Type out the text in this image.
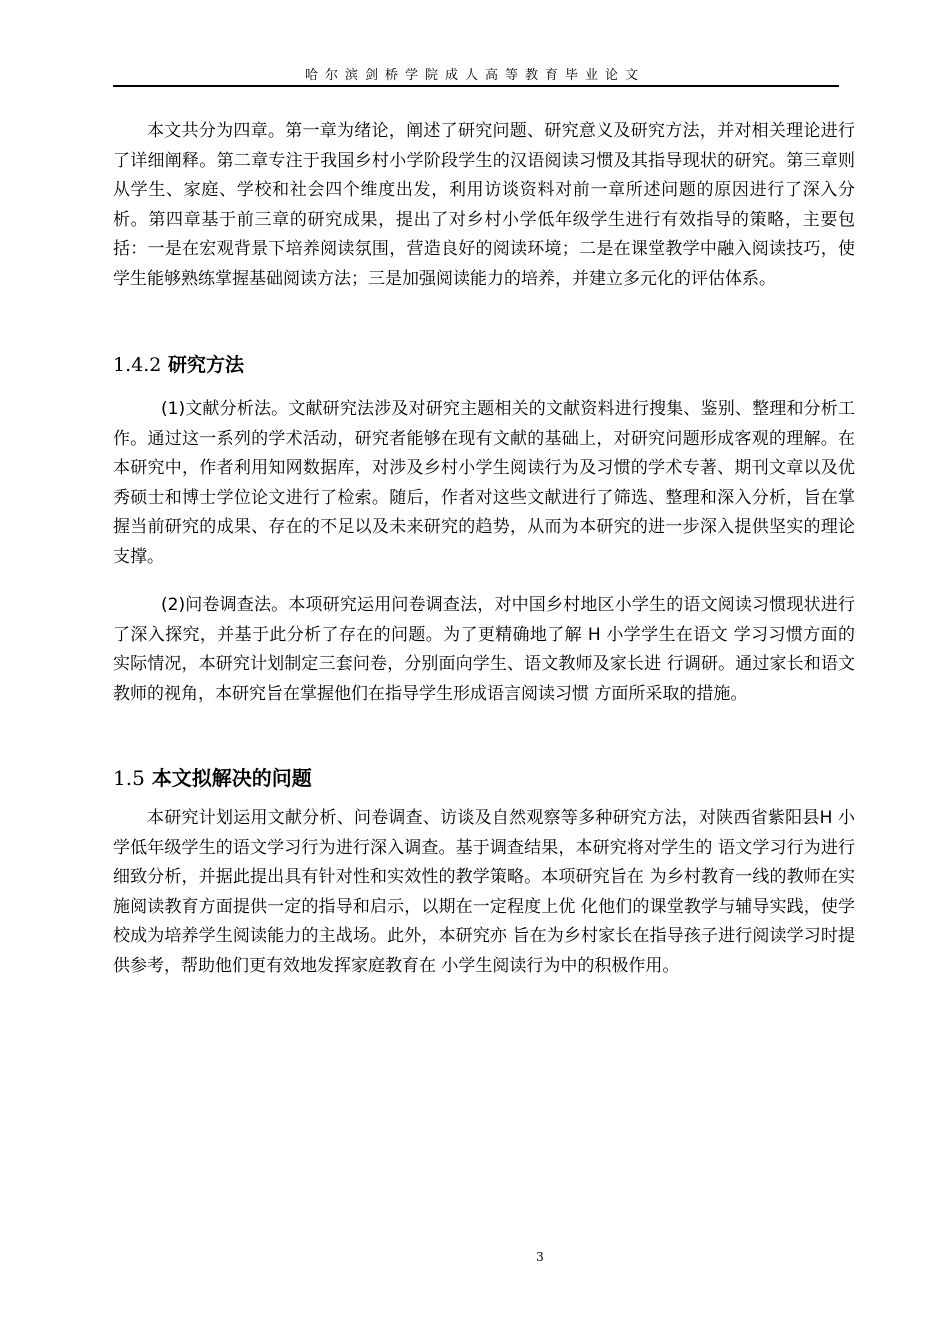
哈尔滨剑桥学院成人高等教育毕业论文

本文共分为四章。第一章为绪论，阐述了研究问题、研究意义及研究方法，并对相关理论进行了详细阐释。第二章专注于我国乡村小学阶段学生的汉语阅读习惯及其指导现状的研究。第三章则从学生、家庭、学校和社会四个维度出发，利用访谈资料对前一章所述问题的原因进行了深入分析。第四章基于前三章的研究成果，提出了对乡村小学低年级学生进行有效指导的策略，主要包括：一是在宏观背景下培养阅读氛围，营造良好的阅读环境；二是在课堂教学中融入阅读技巧，使学生能够熟练掌握基础阅读方法；三是加强阅读能力的培养，并建立多元化的评估体系。

1.4.2 研究方法

(1)文献分析法。文献研究法涉及对研究主题相关的文献资料进行搜集、鉴别、整理和分析工作。通过这一系列的学术活动，研究者能够在现有文献的基础上，对研究问题形成客观的理解。在本研究中，作者利用知网数据库，对涉及乡村小学生阅读行为及习惯的学术专著、期刊文章以及优秀硕士和博士学位论文进行了检索。随后，作者对这些文献进行了筛选、整理和深入分析，旨在掌握当前研究的成果、存在的不足以及未来研究的趋势，从而为本研究的进一步深入提供坚实的理论支撑。

(2)问卷调查法。本项研究运用问卷调查法，对中国乡村地区小学生的语文阅读习惯现状进行了深入探究，并基于此分析了存在的问题。为了更精确地了解 H 小学学生在语文 学习习惯方面的实际情况，本研究计划制定三套问卷，分别面向学生、语文教师及家长进 行调研。通过家长和语文教师的视角，本研究旨在掌握他们在指导学生形成语言阅读习惯 方面所采取的措施。

1.5 本文拟解决的问题

本研究计划运用文献分析、问卷调查、访谈及自然观察等多种研究方法，对陕西省紫阳县H 小学低年级学生的语文学习行为进行深入调查。基于调查结果，本研究将对学生的 语文学习行为进行细致分析，并据此提出具有针对性和实效性的教学策略。本项研究旨在 为乡村教育一线的教师在实施阅读教育方面提供一定的指导和启示，以期在一定程度上优 化他们的课堂教学与辅导实践，使学校成为培养学生阅读能力的主战场。此外，本研究亦 旨在为乡村家长在指导孩子进行阅读学习时提供参考，帮助他们更有效地发挥家庭教育在 小学生阅读行为中的积极作用。

3
